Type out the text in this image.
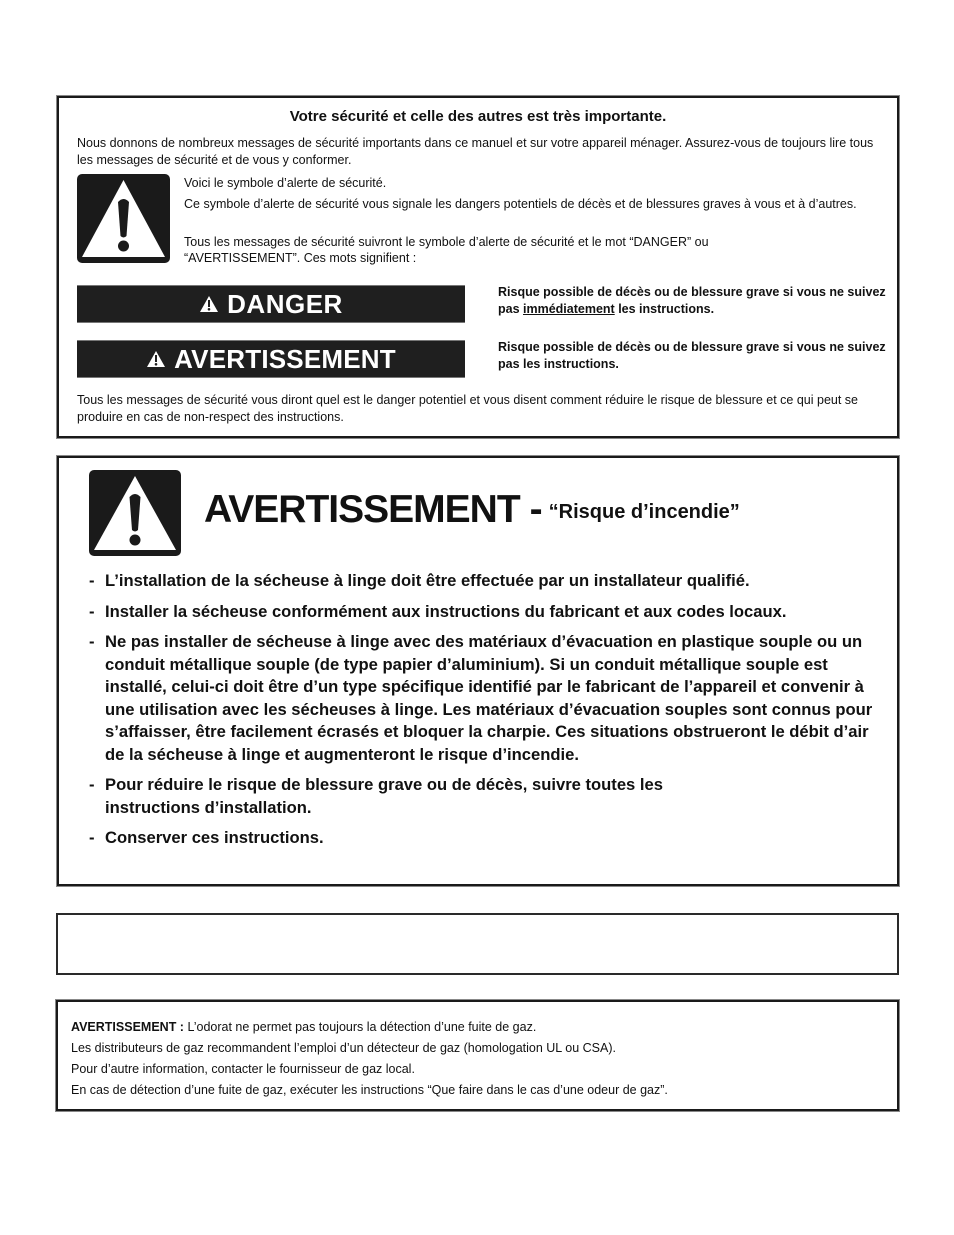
Votre sécurité et celle des autres est très importante.
Nous donnons de nombreux messages de sécurité importants dans ce manuel et sur votre appareil ménager. Assurez-vous de toujours lire tous les messages de sécurité et de vous y conformer.
Voici le symbole d’alerte de sécurité.
Ce symbole d’alerte de sécurité vous signale les dangers potentiels de décès et de blessures graves à vous et à d’autres.
Tous les messages de sécurité suivront le symbole d’alerte de sécurité et le mot “DANGER” ou “AVERTISSEMENT”. Ces mots signifient :
DANGER	Risque possible de décès ou de blessure grave si vous ne suivez pas immédiatement les instructions.
AVERTISSEMENT	Risque possible de décès ou de blessure grave si vous ne suivez pas les instructions.
Tous les messages de sécurité vous diront quel est le danger potentiel et vous disent comment réduire le risque de blessure et ce qui peut se produire en cas de non-respect des instructions.
AVERTISSEMENT - “Risque d’incendie”
- L’installation de la sécheuse à linge doit être effectuée par un installateur qualifié.
- Installer la sécheuse conformément aux instructions du fabricant et aux codes locaux.
- Ne pas installer de sécheuse à linge avec des matériaux d’évacuation en plastique souple ou un conduit métallique souple (de type papier d’aluminium). Si un conduit métallique souple est installé, celui-ci doit être d’un type spécifique identifié par le fabricant de l’appareil et convenir à une utilisation avec les sécheuses à linge. Les matériaux d’évacuation souples sont connus pour s’affaisser, être facilement écrasés et bloquer la charpie. Ces situations obstrueront le débit d’air de la sécheuse à linge et augmenteront le risque d’incendie.
- Pour réduire le risque de blessure grave ou de décès, suivre toutes les instructions d’installation.
- Conserver ces instructions.
AVERTISSEMENT : L’odorat ne permet pas toujours la détection d’une fuite de gaz.
Les distributeurs de gaz recommandent l’emploi d’un détecteur de gaz (homologation UL ou CSA).
Pour d’autre information, contacter le fournisseur de gaz local.
En cas de détection d’une fuite de gaz, exécuter les instructions “Que faire dans le cas d’une odeur de gaz”.
